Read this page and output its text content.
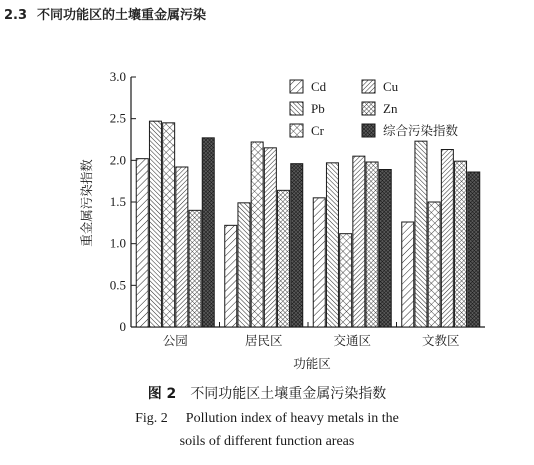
2.3 不同功能区的土壤重金属污染
重金属污染指数
功能区
0
0.5
1.0
1.5
2.0
2.5
3.0
公园	居民区	交通区	文教区
Cd
Pb
Cr
Cu
Zn
综合污染指数
图 2 不同功能区土壤重金属污染指数
Fig. 2 Pollution index of heavy metals in the
soils of different function areas
